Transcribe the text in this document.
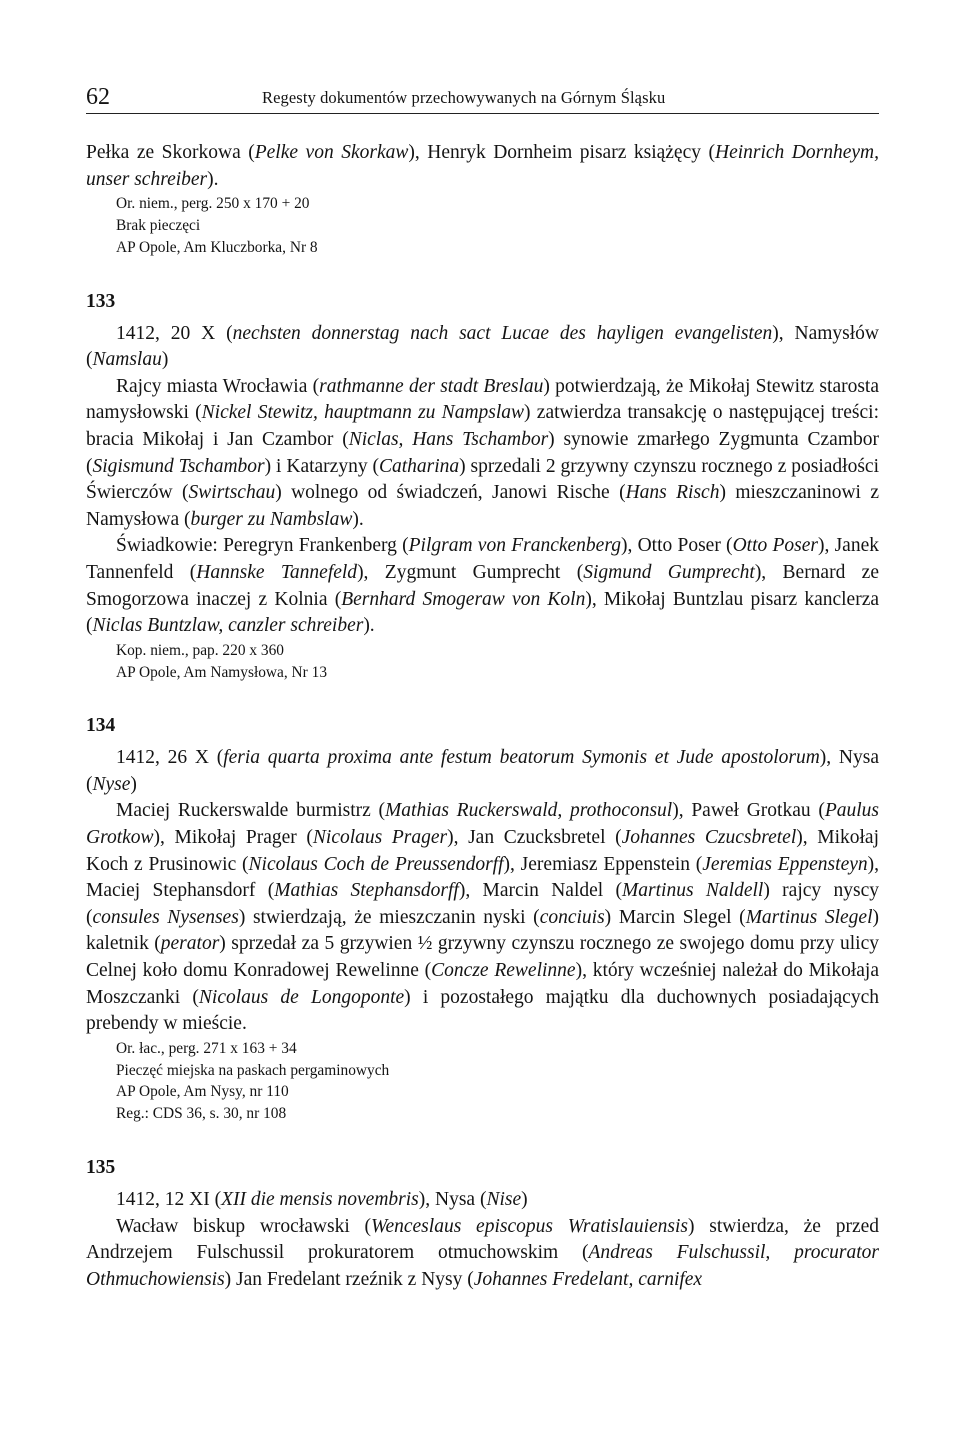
62	Regesty dokumentów przechowywanych na Górnym Śląsku

Pełka ze Skorkowa (Pelke von Skorkaw), Henryk Dornheim pisarz książęcy (Heinrich Dornheym, unser schreiber).

Or. niem., perg. 250 x 170 + 20

Brak pieczęci

AP Opole, Am Kluczborka, Nr 8

133

1412, 20 X (nechsten donnerstag nach sact Lucae des hayligen evangelisten), Namysłów (Namslau)

Rajcy miasta Wrocławia (rathmanne der stadt Breslau) potwierdzają, że Mikołaj Stewitz starosta namysłowski (Nickel Stewitz, hauptmann zu Nampslaw) zatwierdza transakcję o następującej treści: bracia Mikołaj i Jan Czambor (Niclas, Hans Tschambor) synowie zmarłego Zygmunta Czambor (Sigismund Tschambor) i Katarzyny (Catharina) sprzedali 2 grzywny czynszu rocznego z posiadłości Świerczów (Swirtschau) wolnego od świadczeń, Janowi Rische (Hans Risch) mieszczaninowi z Namysłowa (burger zu Nambslaw).

Świadkowie: Peregryn Frankenberg (Pilgram von Franckenberg), Otto Poser (Otto Poser), Janek Tannenfeld (Hannske Tannefeld), Zygmunt Gumprecht (Sigmund Gumprecht), Bernard ze Smogorzowa inaczej z Kolnia (Bernhard Smogeraw von Koln), Mikołaj Buntzlau pisarz kanclerza (Niclas Buntzlaw, canzler schreiber).

Kop. niem., pap. 220 x 360

AP Opole, Am Namysłowa, Nr 13

134

1412, 26 X (feria quarta proxima ante festum beatorum Symonis et Jude apostolorum), Nysa (Nyse)

Maciej Ruckerswalde burmistrz (Mathias Ruckerswald, prothoconsul), Paweł Grotkau (Paulus Grotkow), Mikołaj Prager (Nicolaus Prager), Jan Czucksbretel (Johannes Czucsbretel), Mikołaj Koch z Prusinowic (Nicolaus Coch de Preussendorff), Jeremiasz Eppenstein (Jeremias Eppensteyn), Maciej Stephansdorf (Mathias Stephansdorff), Marcin Naldel (Martinus Naldell) rajcy nyscy (consules Nysenses) stwierdzają, że mieszczanin nyski (conciuis) Marcin Slegel (Martinus Slegel) kaletnik (perator) sprzedał za 5 grzywien ½ grzywny czynszu rocznego ze swojego domu przy ulicy Celnej koło domu Konradowej Rewelinne (Concze Rewelinne), który wcześniej należał do Mikołaja Moszczanki (Nicolaus de Longoponte) i pozostałego majątku dla duchownych posiadających prebendy w mieście.

Or. łac., perg. 271 x 163 + 34

Pieczęć miejska na paskach pergaminowych

AP Opole, Am Nysy, nr 110

Reg.: CDS 36, s. 30, nr 108

135

1412, 12 XI (XII die mensis novembris), Nysa (Nise)

Wacław biskup wrocławski (Wenceslaus episcopus Wratislauiensis) stwierdza, że przed Andrzejem Fulschussil prokuratorem otmuchowskim (Andreas Fulschussil, procurator Othmuchowiensis) Jan Fredelant rzeźnik z Nysy (Johannes Fredelant, carnifex
